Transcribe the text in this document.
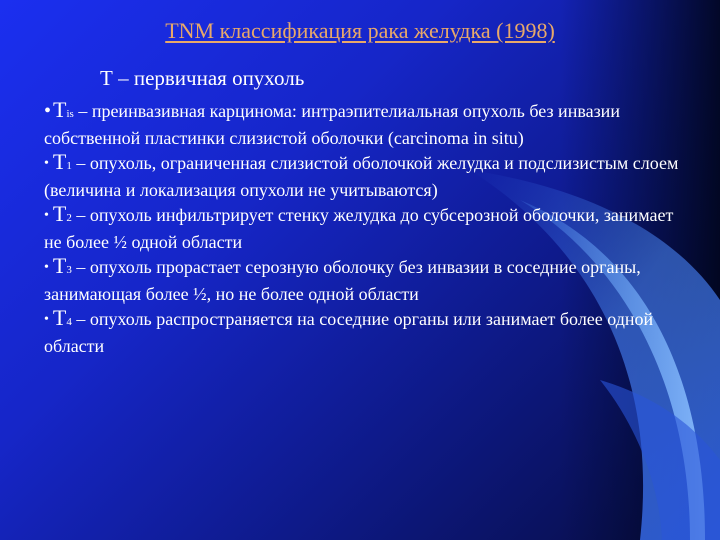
TNM классификация рака желудка (1998)
Т – первичная опухоль

•Tis – преинвазивная карцинома: интраэпителиальная опухоль без инвазии собственной пластинки слизистой оболочки (carcinoma in situ)

• T1 – опухоль, ограниченная слизистой оболочкой желудка и подслизистым слоем (величина и локализация опухоли не учитываются)

• T2 – опухоль инфильтрирует стенку желудка до субсерозной оболочки, занимает не более ½ одной области

• T3 – опухоль прорастает серозную оболочку без инвазии в соседние органы, занимающая более ½, но не более одной области

• T4 – опухоль распространяется на соседние органы или занимает более одной области
